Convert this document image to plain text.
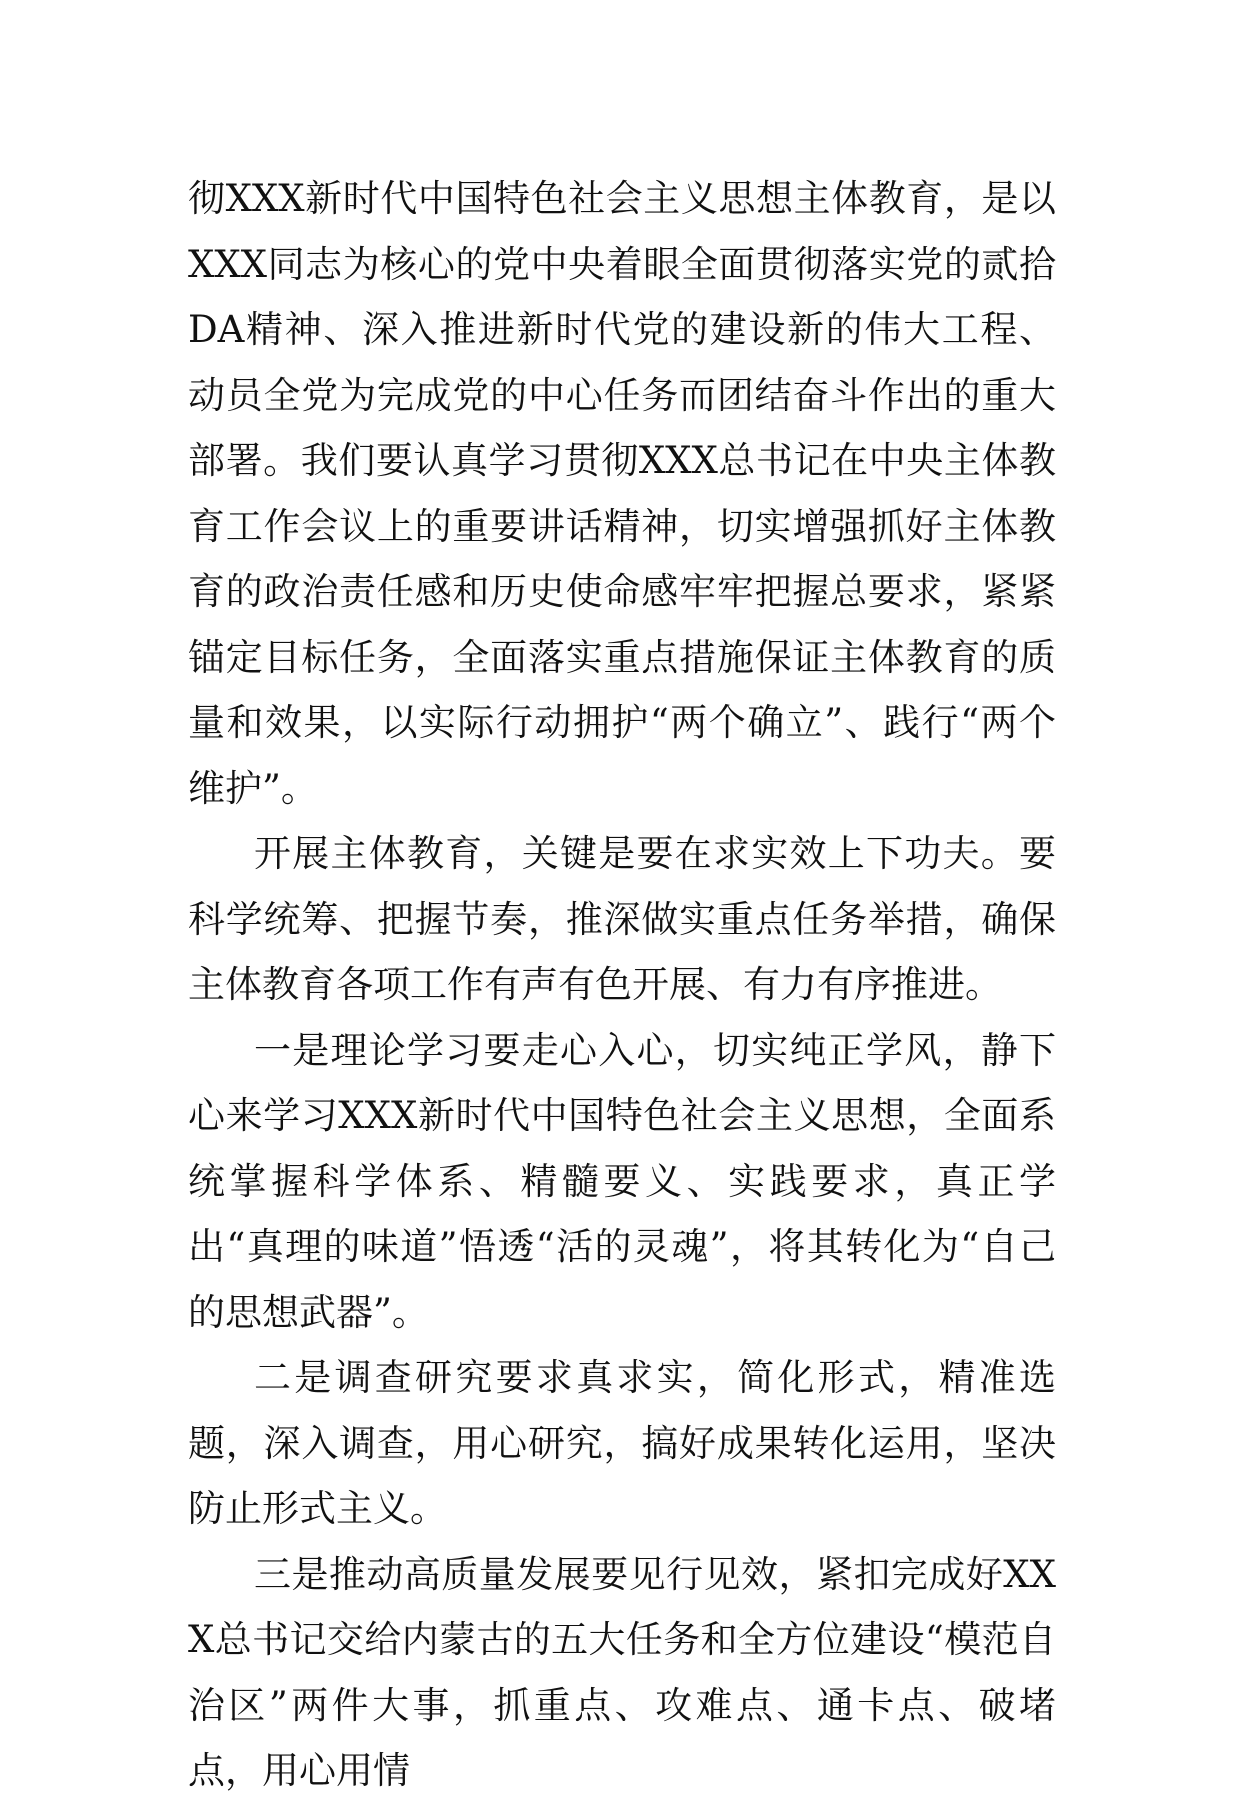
彻XXX新时代中国特色社会主义思想主体教育，是以XXX同志为核心的党中央着眼全面贯彻落实党的贰拾DA精神、深入推进新时代党的建设新的伟大工程、动员全党为完成党的中心任务而团结奋斗作出的重大部署。我们要认真学习贯彻XXX总书记在中央主体教育工作会议上的重要讲话精神，切实增强抓好主体教育的政治责任感和历史使命感牢牢把握总要求，紧紧锚定目标任务，全面落实重点措施保证主体教育的质量和效果，以实际行动拥护“两个确立”、践行“两个维护”。

开展主体教育，关键是要在求实效上下功夫。要科学统筹、把握节奏，推深做实重点任务举措，确保主体教育各项工作有声有色开展、有力有序推进。

一是理论学习要走心入心，切实纯正学风，静下心来学习XXX新时代中国特色社会主义思想，全面系统掌握科学体系、精髓要义、实践要求，真正学出“真理的味道”悟透“活的灵魂”，将其转化为“自己的思想武器”。

二是调查研究要求真求实，简化形式，精准选题，深入调查，用心研究，搞好成果转化运用，坚决防止形式主义。

三是推动高质量发展要见行见效，紧扣完成好XXX总书记交给内蒙古的五大任务和全方位建设“模范自治区”两件大事，抓重点、攻难点、通卡点、破堵点，用心用情
